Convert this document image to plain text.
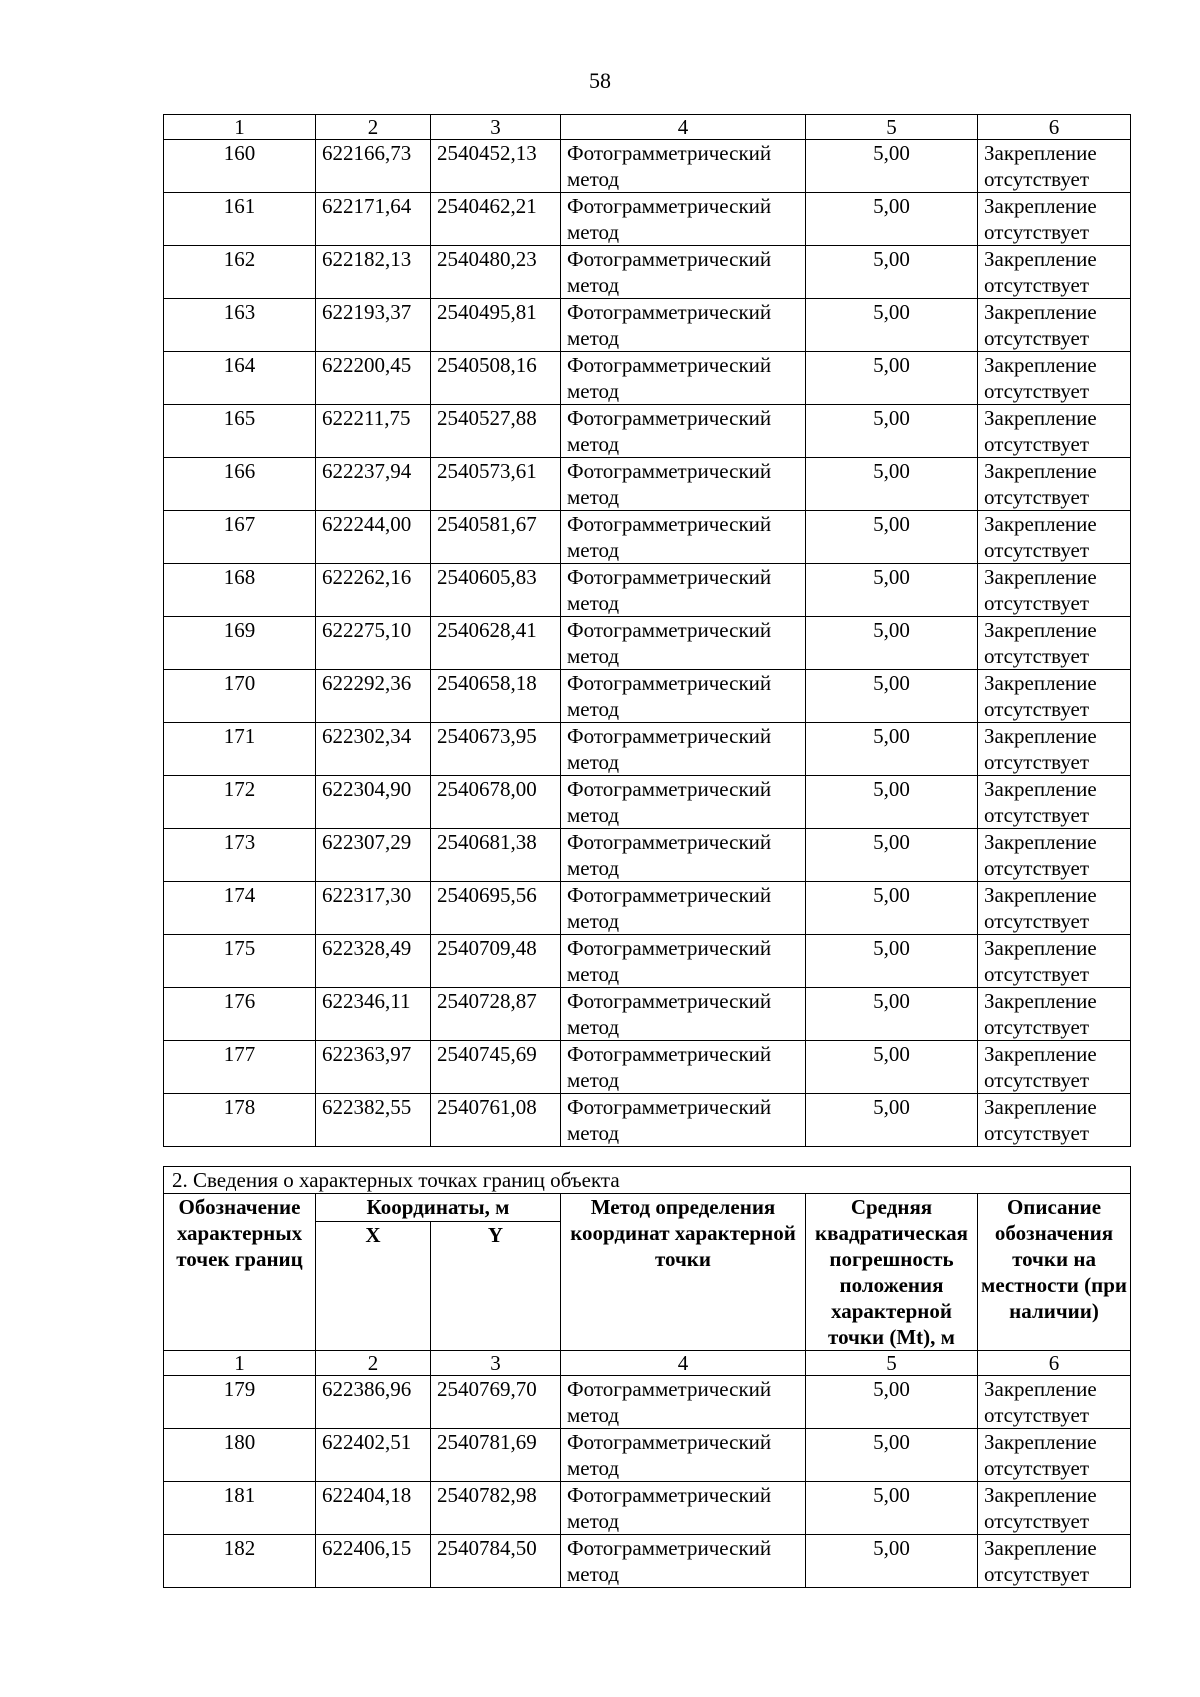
58
1	2	3	4	5	6
160	622166,73	2540452,13	Фотограмметрический метод	5,00	Закрепление отсутствует
161	622171,64	2540462,21	Фотограмметрический метод	5,00	Закрепление отсутствует
162	622182,13	2540480,23	Фотограмметрический метод	5,00	Закрепление отсутствует
163	622193,37	2540495,81	Фотограмметрический метод	5,00	Закрепление отсутствует
164	622200,45	2540508,16	Фотограмметрический метод	5,00	Закрепление отсутствует
165	622211,75	2540527,88	Фотограмметрический метод	5,00	Закрепление отсутствует
166	622237,94	2540573,61	Фотограмметрический метод	5,00	Закрепление отсутствует
167	622244,00	2540581,67	Фотограмметрический метод	5,00	Закрепление отсутствует
168	622262,16	2540605,83	Фотограмметрический метод	5,00	Закрепление отсутствует
169	622275,10	2540628,41	Фотограмметрический метод	5,00	Закрепление отсутствует
170	622292,36	2540658,18	Фотограмметрический метод	5,00	Закрепление отсутствует
171	622302,34	2540673,95	Фотограмметрический метод	5,00	Закрепление отсутствует
172	622304,90	2540678,00	Фотограмметрический метод	5,00	Закрепление отсутствует
173	622307,29	2540681,38	Фотограмметрический метод	5,00	Закрепление отсутствует
174	622317,30	2540695,56	Фотограмметрический метод	5,00	Закрепление отсутствует
175	622328,49	2540709,48	Фотограмметрический метод	5,00	Закрепление отсутствует
176	622346,11	2540728,87	Фотограмметрический метод	5,00	Закрепление отсутствует
177	622363,97	2540745,69	Фотограмметрический метод	5,00	Закрепление отсутствует
178	622382,55	2540761,08	Фотограмметрический метод	5,00	Закрепление отсутствует
2. Сведения о характерных точках границ объекта					
Обозначение характерных точек границ	Координаты, м		Метод определения координат характерной точки	Средняя квадратическая погрешность положения характерной точки (Mt), м	Описание обозначения точки на местности (при наличии)
	X	Y			
1	2	3	4	5	6
179	622386,96	2540769,70	Фотограмметрический метод	5,00	Закрепление отсутствует
180	622402,51	2540781,69	Фотограмметрический метод	5,00	Закрепление отсутствует
181	622404,18	2540782,98	Фотограмметрический метод	5,00	Закрепление отсутствует
182	622406,15	2540784,50	Фотограмметрический метод	5,00	Закрепление отсутствует
